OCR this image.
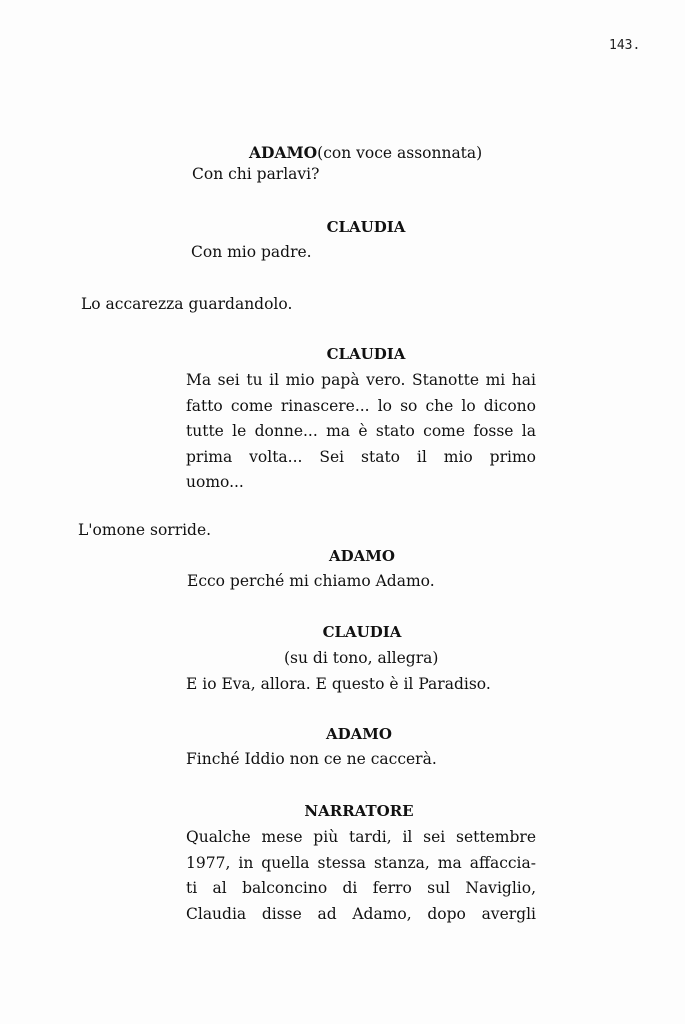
143.

ADAMO(con voce assonnata)

Con chi parlavi?

CLAUDIA

Con mio padre.

Lo accarezza guardandolo.

CLAUDIA

Ma sei tu il mio papà vero. Stanotte mi hai
fatto come rinascere... lo so che lo dicono
tutte le donne... ma è stato come fosse la
prima volta... Sei stato il mio primo
uomo...

L'omone sorride.

ADAMO

Ecco perché mi chiamo Adamo.

CLAUDIA

(su di tono, allegra)

E io Eva, allora. E questo è il Paradiso.

ADAMO

Finché Iddio non ce ne caccerà.

NARRATORE

Qualche mese più tardi, il sei settembre
1977, in quella stessa stanza, ma affaccia-
ti al balconcino di ferro sul Naviglio,
Claudia disse ad Adamo, dopo avergli
